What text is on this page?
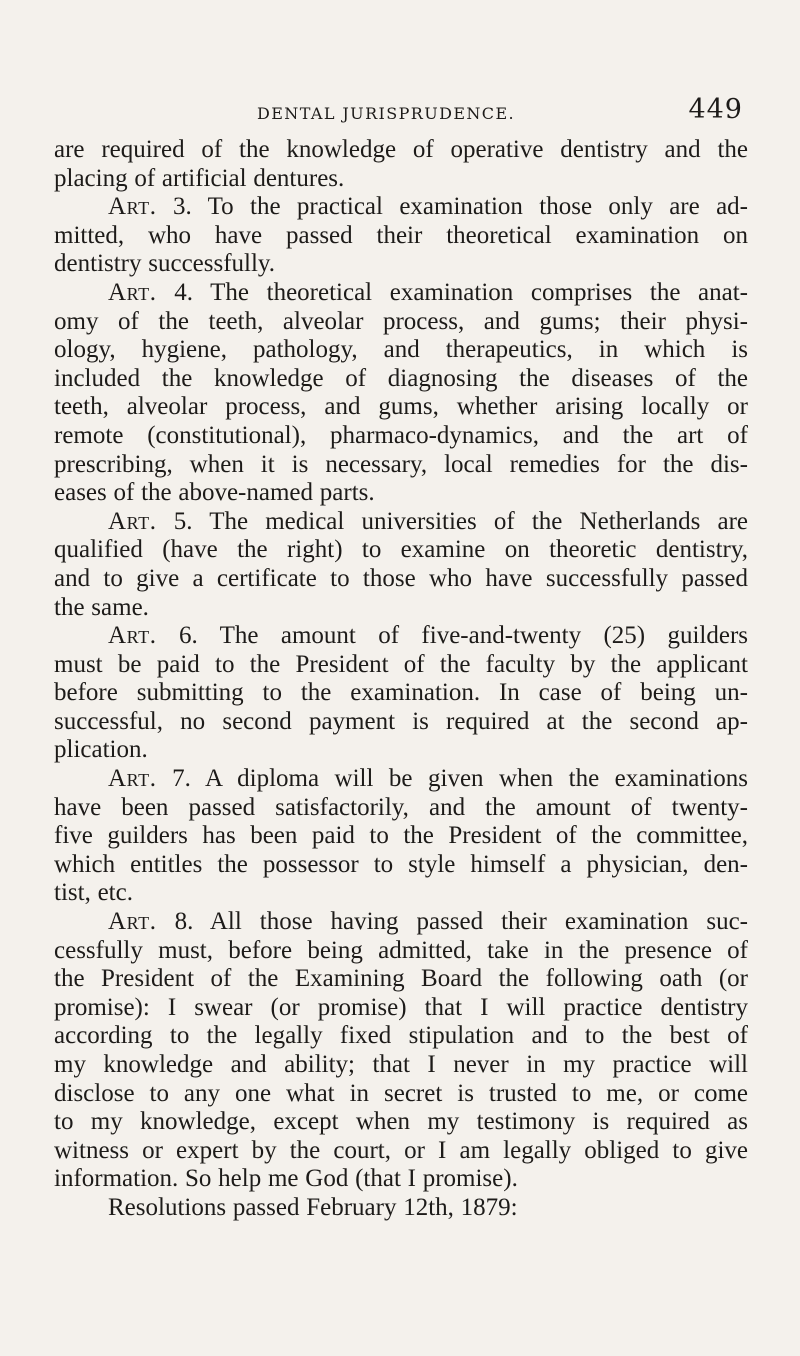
DENTAL JURISPRUDENCE.	449
are required of the knowledge of operative dentistry and the
placing of artificial dentures.
Art. 3. To the practical examination those only are ad-
mitted, who have passed their theoretical examination on
dentistry successfully.
Art. 4. The theoretical examination comprises the anat-
omy of the teeth, alveolar process, and gums; their physi-
ology, hygiene, pathology, and therapeutics, in which is
included the knowledge of diagnosing the diseases of the
teeth, alveolar process, and gums, whether arising locally or
remote (constitutional), pharmaco-dynamics, and the art of
prescribing, when it is necessary, local remedies for the dis-
eases of the above-named parts.
Art. 5. The medical universities of the Netherlands are
qualified (have the right) to examine on theoretic dentistry,
and to give a certificate to those who have successfully passed
the same.
Art. 6. The amount of five-and-twenty (25) guilders
must be paid to the President of the faculty by the applicant
before submitting to the examination. In case of being un-
successful, no second payment is required at the second ap-
plication.
Art. 7. A diploma will be given when the examinations
have been passed satisfactorily, and the amount of twenty-
five guilders has been paid to the President of the committee,
which entitles the possessor to style himself a physician, den-
tist, etc.
Art. 8. All those having passed their examination suc-
cessfully must, before being admitted, take in the presence of
the President of the Examining Board the following oath (or
promise): I swear (or promise) that I will practice dentistry
according to the legally fixed stipulation and to the best of
my knowledge and ability; that I never in my practice will
disclose to any one what in secret is trusted to me, or come
to my knowledge, except when my testimony is required as
witness or expert by the court, or I am legally obliged to give
information. So help me God (that I promise).
Resolutions passed February 12th, 1879:
